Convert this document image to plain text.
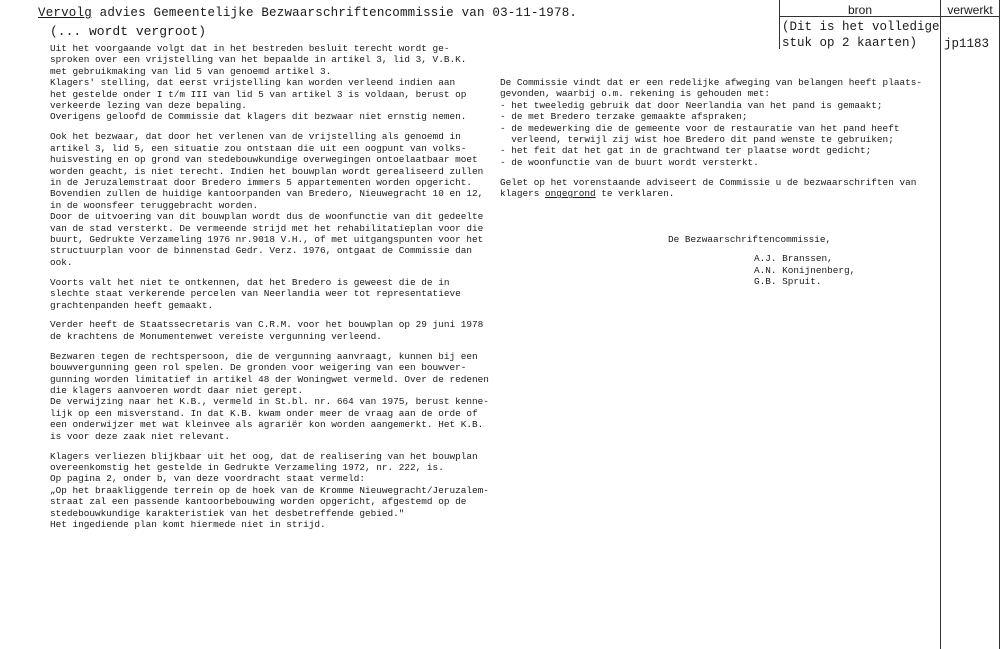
Vervolg advies Gemeentelijke Bezwaarschriftencommissie van 03-11-1978.
(... wordt vergroot)
bron	verwerkt
(Dit is het volledige
stuk op 2 kaarten)	jp1183

Uit het voorgaande volgt dat in het bestreden besluit terecht wordt ge-

sproken over een vrijstelling van het bepaalde in artikel 3, lid 3, V.B.K.

met gebruikmaking van lid 5 van genoemd artikel 3.

Klagers' stelling, dat eerst vrijstelling kan worden verleend indien aan

het gestelde onder I t/m III van lid 5 van artikel 3 is voldaan, berust op

verkeerde lezing van deze bepaling.

Overigens geloofd de Commissie dat klagers dit bezwaar niet ernstig nemen.

Ook het bezwaar, dat door het verlenen van de vrijstelling als genoemd in

artikel 3, lid 5, een situatie zou ontstaan die uit een oogpunt van volks-

huisvesting en op grond van stedebouwkundige overwegingen ontoelaatbaar moet

worden geacht, is niet terecht. Indien het bouwplan wordt gerealiseerd zullen

in de Jeruzalemstraat door Bredero immers 5 appartementen worden opgericht.

Bovendien zullen de huidige kantoorpanden van Bredero, Nieuwegracht 10 en 12,

in de woonsfeer teruggebracht worden.

Door de uitvoering van dit bouwplan wordt dus de woonfunctie van dit gedeelte

van de stad versterkt. De vermeende strijd met het rehabilitatieplan voor die

buurt, Gedrukte Verzameling 1976 nr.9018 V.H., of met uitgangspunten voor het

structuurplan voor de binnenstad Gedr. Verz. 1976, ontgaat de Commissie dan

ook.

Voorts valt het niet te ontkennen, dat het Bredero is geweest die de in

slechte staat verkerende percelen van Neerlandia weer tot representatieve

grachtenpanden heeft gemaakt.

Verder heeft de Staatssecretaris van C.R.M. voor het bouwplan op 29 juni 1978

de krachtens de Monumentenwet vereiste vergunning verleend.

Bezwaren tegen de rechtspersoon, die de vergunning aanvraagt, kunnen bij een

bouwvergunning geen rol spelen. De gronden voor weigering van een bouwver-

gunning worden limitatief in artikel 48 der Woningwet vermeld. Over de redenen

die klagers aanvoeren wordt daar niet gerept.

De verwijzing naar het K.B., vermeld in St.bl. nr. 664 van 1975, berust kenne-

lijk op een misverstand. In dat K.B. kwam onder meer de vraag aan de orde of

een onderwijzer met wat kleinvee als agrariër kon worden aangemerkt. Het K.B.

is voor deze zaak niet relevant.

Klagers verliezen blijkbaar uit het oog, dat de realisering van het bouwplan

overeenkomstig het gestelde in Gedrukte Verzameling 1972, nr. 222, is.

Op pagina 2, onder b, van deze voordracht staat vermeld:

„Op het braakliggende terrein op de hoek van de Kromme Nieuwegracht/Jeruzalem-

straat zal een passende kantoorbebouwing worden opgericht, afgestemd op de

stedebouwkundige karakteristiek van het desbetreffende gebied."

Het ingediende plan komt hiermede niet in strijd.

De Commissie vindt dat er een redelijke afweging van belangen heeft plaats-

gevonden, waarbij o.m. rekening is gehouden met:

- het tweeledig gebruik dat door Neerlandia van het pand is gemaakt;

- de met Bredero terzake gemaakte afspraken;

- de medewerking die de gemeente voor de restauratie van het pand heeft

verleend, terwijl zij wist hoe Bredero dit pand wenste te gebruiken;

- het feit dat het gat in de grachtwand ter plaatse wordt gedicht;

- de woonfunctie van de buurt wordt versterkt.

Gelet op het vorenstaande adviseert de Commissie u de bezwaarschriften van

klagers ongegrond te verklaren.

De Bezwaarschriftencommissie,

A.J. Branssen,

A.N. Konijnenberg,

G.B. Spruit.
